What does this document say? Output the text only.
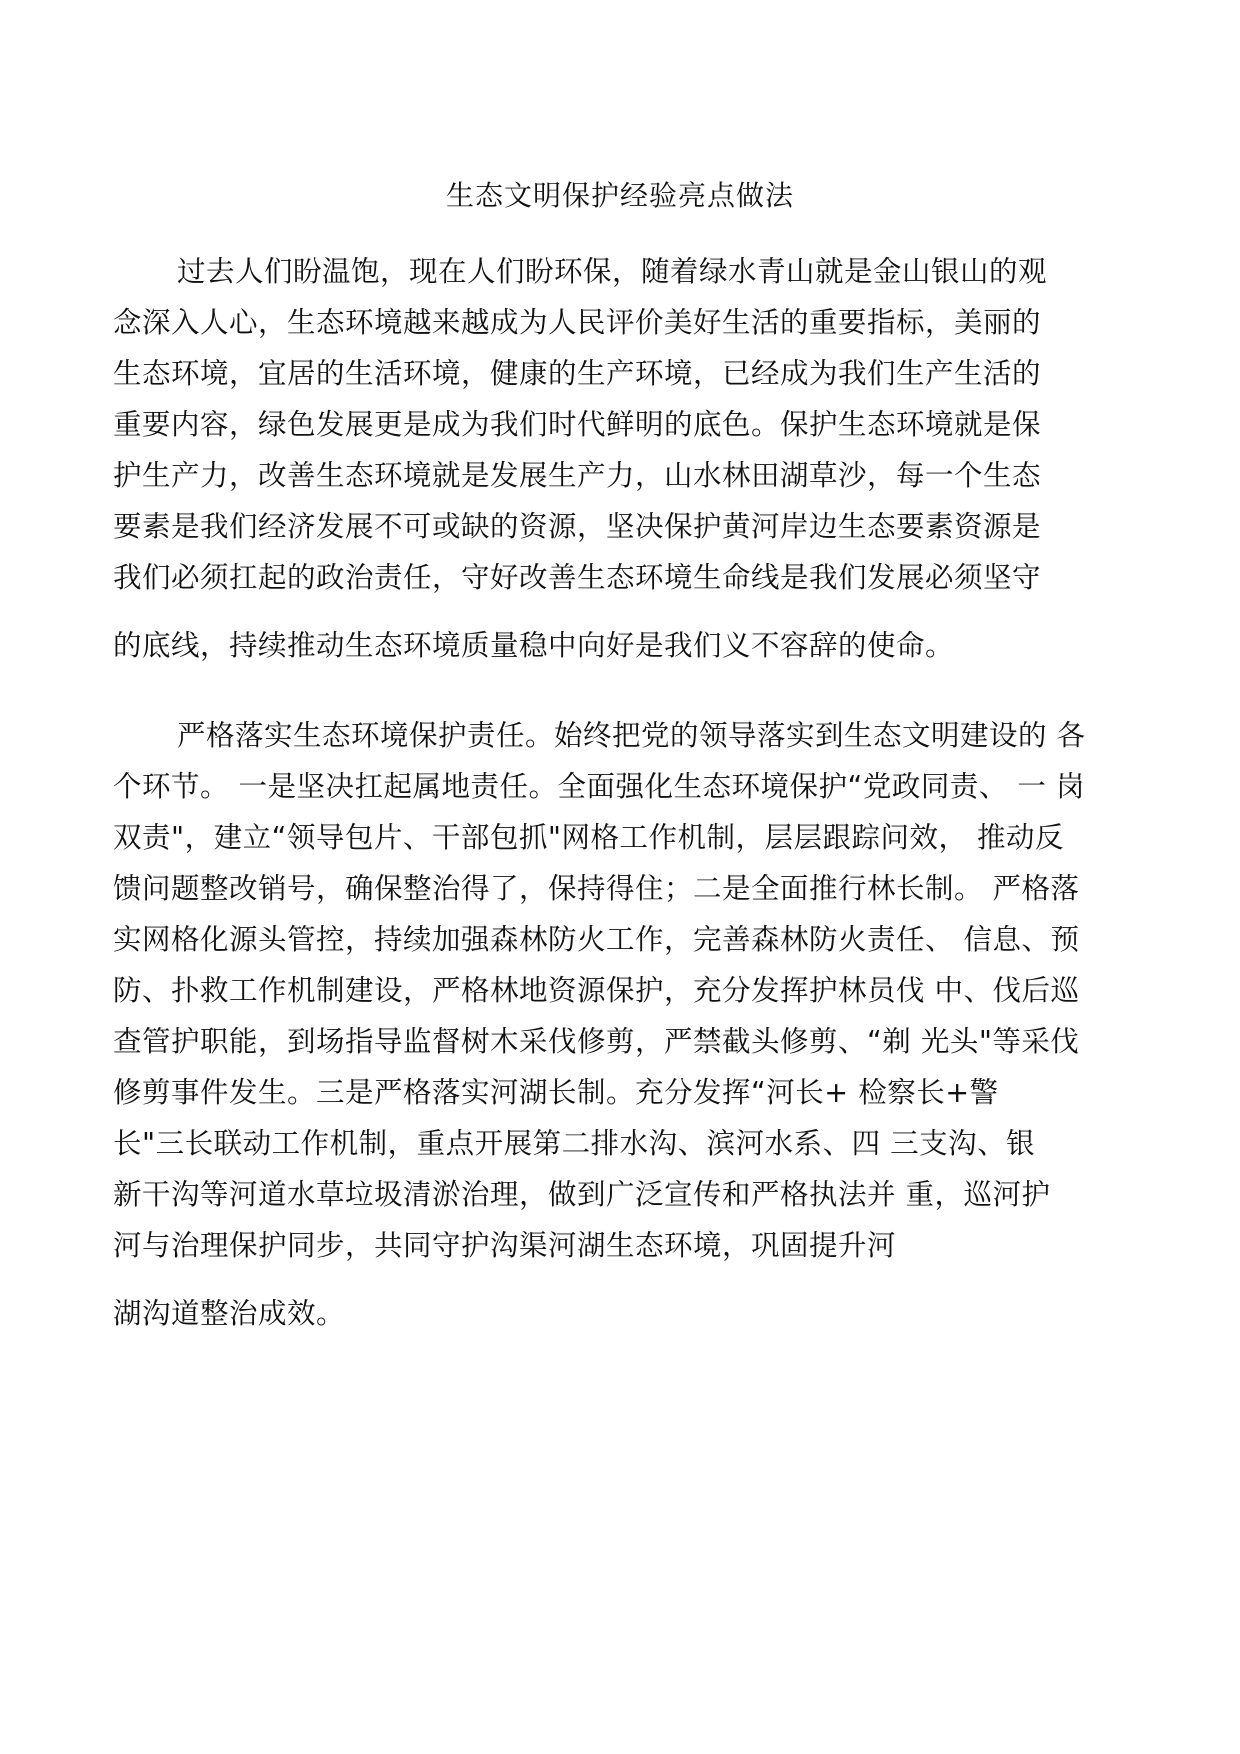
生态文明保护经验亮点做法
过去人们盼温饱，现在人们盼环保，随着绿水青山就是金山银山的观
念深入人心，生态环境越来越成为人民评价美好生活的重要指标，美丽的
生态环境，宜居的生活环境，健康的生产环境，已经成为我们生产生活的
重要内容，绿色发展更是成为我们时代鲜明的底色。保护生态环境就是保
护生产力，改善生态环境就是发展生产力，山水林田湖草沙，每一个生态
要素是我们经济发展不可或缺的资源，坚决保护黄河岸边生态要素资源是
我们必须扛起的政治责任，守好改善生态环境生命线是我们发展必须坚守
的底线，持续推动生态环境质量稳中向好是我们义不容辞的使命。
严格落实生态环境保护责任。始终把党的领导落实到生态文明建设的 各
个环节。 一是坚决扛起属地责任。全面强化生态环境保护“党政同责、 一 岗
双责"，建立“领导包片、干部包抓"网格工作机制，层层跟踪问效， 推动反
馈问题整改销号，确保整治得了，保持得住；二是全面推行林长制。 严格落
实网格化源头管控，持续加强森林防火工作，完善森林防火责任、 信息、预
防、扑救工作机制建设，严格林地资源保护，充分发挥护林员伐 中、伐后巡
查管护职能，到场指导监督树木采伐修剪，严禁截头修剪、“剃 光头"等采伐
修剪事件发生。三是严格落实河湖长制。充分发挥“河长+ 检察长+警
长"三长联动工作机制，重点开展第二排水沟、滨河水系、四 三支沟、银
新干沟等河道水草垃圾清淤治理，做到广泛宣传和严格执法并 重，巡河护
河与治理保护同步，共同守护沟渠河湖生态环境，巩固提升河
湖沟道整治成效。
